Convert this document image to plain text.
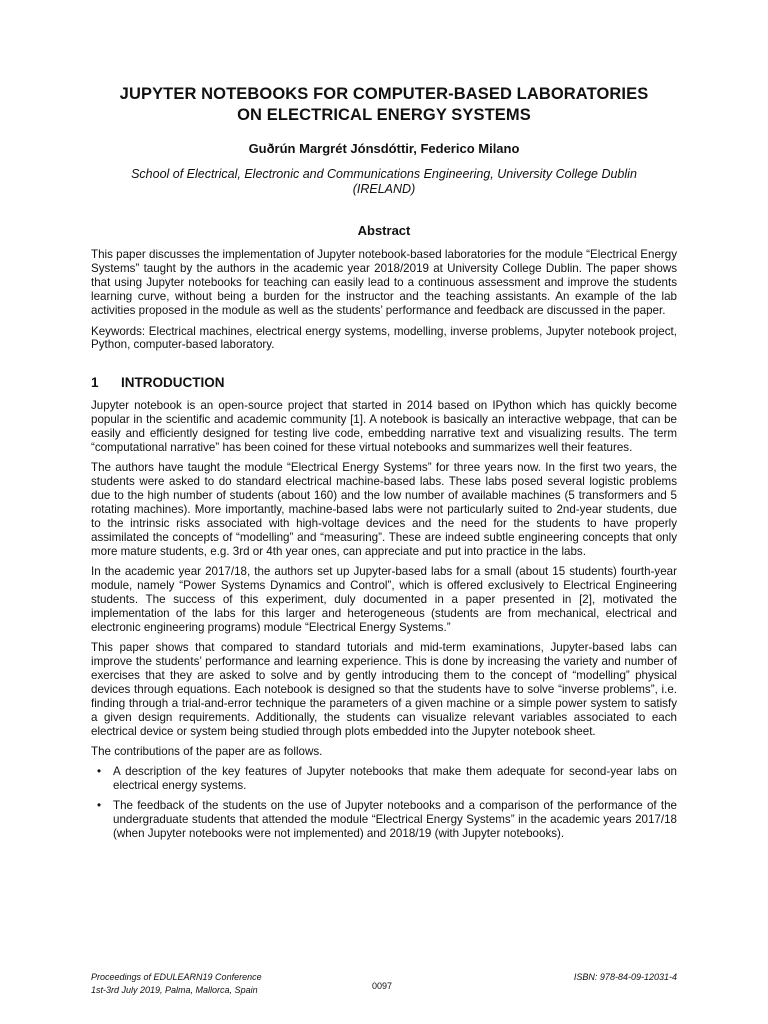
JUPYTER NOTEBOOKS FOR COMPUTER-BASED LABORATORIES
ON ELECTRICAL ENERGY SYSTEMS
Guðrún Margrét Jónsdóttir, Federico Milano
School of Electrical, Electronic and Communications Engineering, University College Dublin
(IRELAND)
Abstract

This paper discusses the implementation of Jupyter notebook-based laboratories for the module “Electrical Energy Systems” taught by the authors in the academic year 2018/2019 at University College Dublin. The paper shows that using Jupyter notebooks for teaching can easily lead to a continuous assessment and improve the students learning curve, without being a burden for the instructor and the teaching assistants. An example of the lab activities proposed in the module as well as the students’ performance and feedback are discussed in the paper.

Keywords: Electrical machines, electrical energy systems, modelling, inverse problems, Jupyter notebook project, Python, computer-based laboratory.

1	INTRODUCTION

Jupyter notebook is an open-source project that started in 2014 based on IPython which has quickly become popular in the scientific and academic community [1]. A notebook is basically an interactive webpage, that can be easily and efficiently designed for testing live code, embedding narrative text and visualizing results. The term “computational narrative” has been coined for these virtual notebooks and summarizes well their features.

The authors have taught the module “Electrical Energy Systems” for three years now. In the first two years, the students were asked to do standard electrical machine-based labs. These labs posed several logistic problems due to the high number of students (about 160) and the low number of available machines (5 transformers and 5 rotating machines). More importantly, machine-based labs were not particularly suited to 2nd-year students, due to the intrinsic risks associated with high-voltage devices and the need for the students to have properly assimilated the concepts of “modelling” and “measuring”. These are indeed subtle engineering concepts that only more mature students, e.g. 3rd or 4th year ones, can appreciate and put into practice in the labs.

In the academic year 2017/18, the authors set up Jupyter-based labs for a small (about 15 students) fourth-year module, namely “Power Systems Dynamics and Control”, which is offered exclusively to Electrical Engineering students. The success of this experiment, duly documented in a paper presented in [2], motivated the implementation of the labs for this larger and heterogeneous (students are from mechanical, electrical and electronic engineering programs) module “Electrical Energy Systems.”

This paper shows that compared to standard tutorials and mid-term examinations, Jupyter-based labs can improve the students’ performance and learning experience. This is done by increasing the variety and number of exercises that they are asked to solve and by gently introducing them to the concept of “modelling” physical devices through equations. Each notebook is designed so that the students have to solve “inverse problems”, i.e. finding through a trial-and-error technique the parameters of a given machine or a simple power system to satisfy a given design requirements. Additionally, the students can visualize relevant variables associated to each electrical device or system being studied through plots embedded into the Jupyter notebook sheet.

The contributions of the paper are as follows.

• A description of the key features of Jupyter notebooks that make them adequate for second-year labs on electrical energy systems.
• The feedback of the students on the use of Jupyter notebooks and a comparison of the performance of the undergraduate students that attended the module “Electrical Energy Systems” in the academic years 2017/18 (when Jupyter notebooks were not implemented) and 2018/19 (with Jupyter notebooks).
Proceedings of EDULEARN19 Conference
1st-3rd July 2019, Palma, Mallorca, Spain	0097
ISBN: 978-84-09-12031-4
